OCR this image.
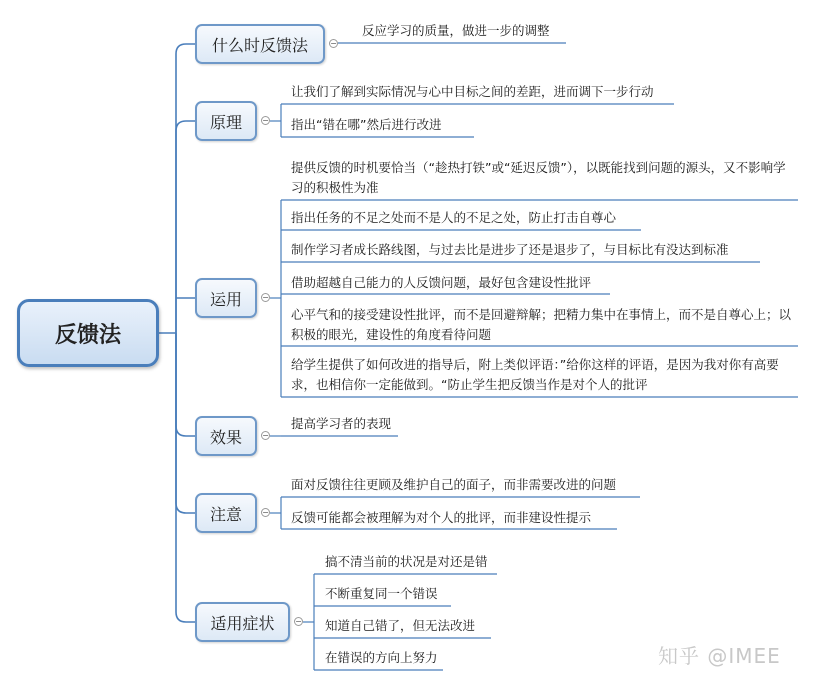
反馈法
什么时反馈法
原理
运用
效果
注意
适用症状
−
−
−
−
−
−
反应学习的质量，做进一步的调整
让我们了解到实际情况与心中目标之间的差距，进而调下一步行动
指出“错在哪”然后进行改进
提供反馈的时机要恰当（“趁热打铁”或“延迟反馈”），以既能找到问题的源头，又不影响学习的积极性为准
指出任务的不足之处而不是人的不足之处，防止打击自尊心
制作学习者成长路线图，与过去比是进步了还是退步了，与目标比有没达到标准
借助超越自己能力的人反馈问题，最好包含建设性批评
心平气和的接受建设性批评，而不是回避辩解；把精力集中在事情上，而不是自尊心上；以积极的眼光，建设性的角度看待问题
给学生提供了如何改进的指导后，附上类似评语：”给你这样的评语，是因为我对你有高要求，也相信你一定能做到。“防止学生把反馈当作是对个人的批评
提高学习者的表现
面对反馈往往更顾及维护自己的面子，而非需要改进的问题
反馈可能都会被理解为对个人的批评，而非建设性提示
搞不清当前的状况是对还是错
不断重复同一个错误
知道自己错了，但无法改进
在错误的方向上努力	知乎 @IMEE
